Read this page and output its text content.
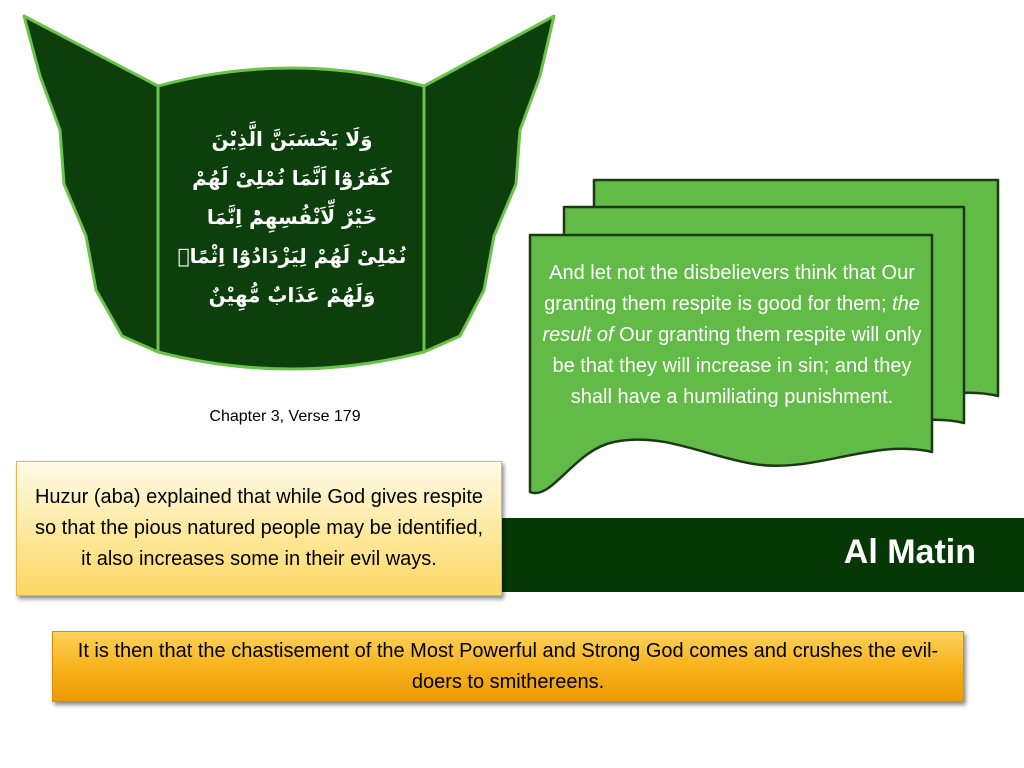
وَلَا يَحْسَبَنَّ الَّذِيْنَ
كَفَرُوْٓا اَنَّمَا نُمْلِىْ لَهُمْ
خَيْرٌ لِّاَنْفُسِهِمْؕ اِنَّمَا
نُمْلِىْ لَهُمْ لِيَزْدَادُوْٓا اِثْمًاۚ
وَلَهُمْ عَذَابٌ مُّهِيْنٌ
Chapter 3, Verse 179
And let not the disbelievers think that Our granting them respite is good for them; the result of Our granting them respite will only be that they will increase in sin; and they shall have a humiliating punishment.
Al Matin
Huzur (aba) explained that while God gives respite so that the pious natured people may be identified, it also increases some in their evil ways.
It is then that the chastisement of the Most Powerful and Strong God comes and crushes the evil-doers to smithereens.
